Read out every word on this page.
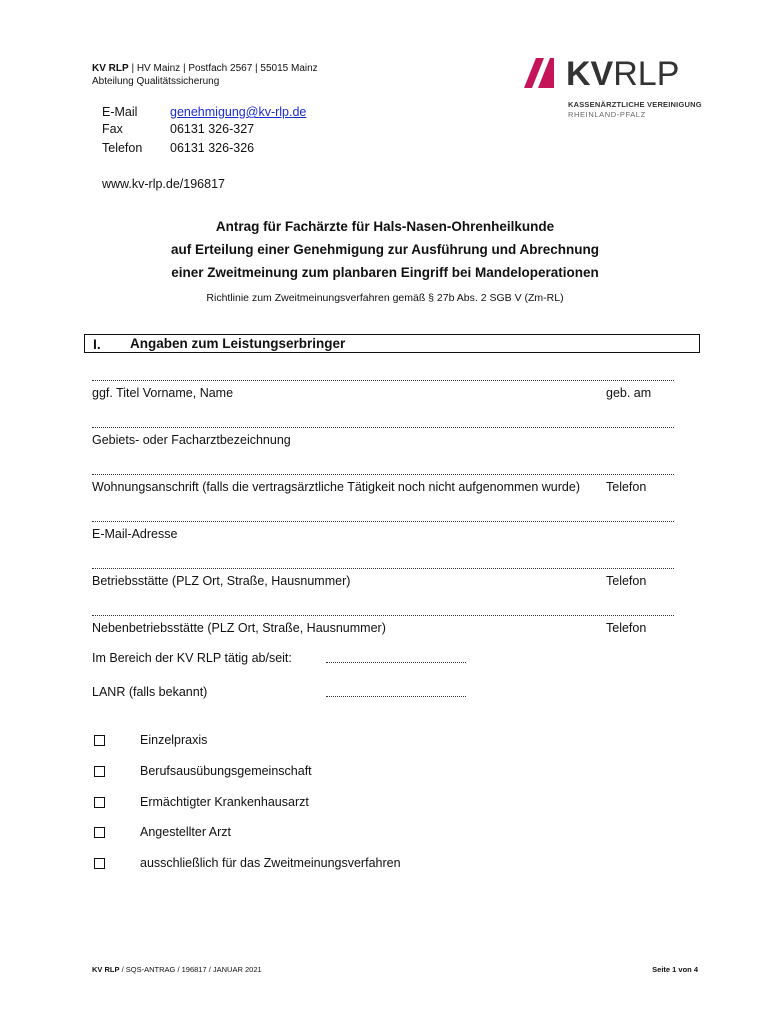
KV RLP | HV Mainz | Postfach 2567 | 55015 Mainz
Abteilung Qualitätssicherung	KVRLP
KASSENÄRZTLICHE VEREINIGUNG
RHEINLAND-PFALZ
E-Mail	genehmigung@kv-rlp.de
Fax	06131 326-327
Telefon 06131 326-326
www.kv-rlp.de/196817
Antrag für Fachärzte für Hals-Nasen-Ohrenheilkunde
auf Erteilung einer Genehmigung zur Ausführung und Abrechnung
einer Zweitmeinung zum planbaren Eingriff bei Mandeloperationen
Richtlinie zum Zweitmeinungsverfahren gemäß § 27b Abs. 2 SGB V (Zm-RL)
I. Angaben zum Leistungserbringer
ggf. Titel Vorname, Name	geb. am
Gebiets- oder Facharztbezeichnung
Wohnungsanschrift (falls die vertragsärztliche Tätigkeit noch nicht aufgenommen wurde) Telefon
E-Mail-Adresse
Betriebsstätte (PLZ Ort, Straße, Hausnummer)	Telefon
Nebenbetriebsstätte (PLZ Ort, Straße, Hausnummer)	Telefon
Im Bereich der KV RLP tätig ab/seit:
LANR (falls bekannt)
Einzelpraxis
Berufsausübungsgemeinschaft
Ermächtigter Krankenhausarzt
Angestellter Arzt
ausschließlich für das Zweitmeinungsverfahren
KV RLP / SQS-ANTRAG / 196817 / JANUAR 2021	Seite 1 von 4
